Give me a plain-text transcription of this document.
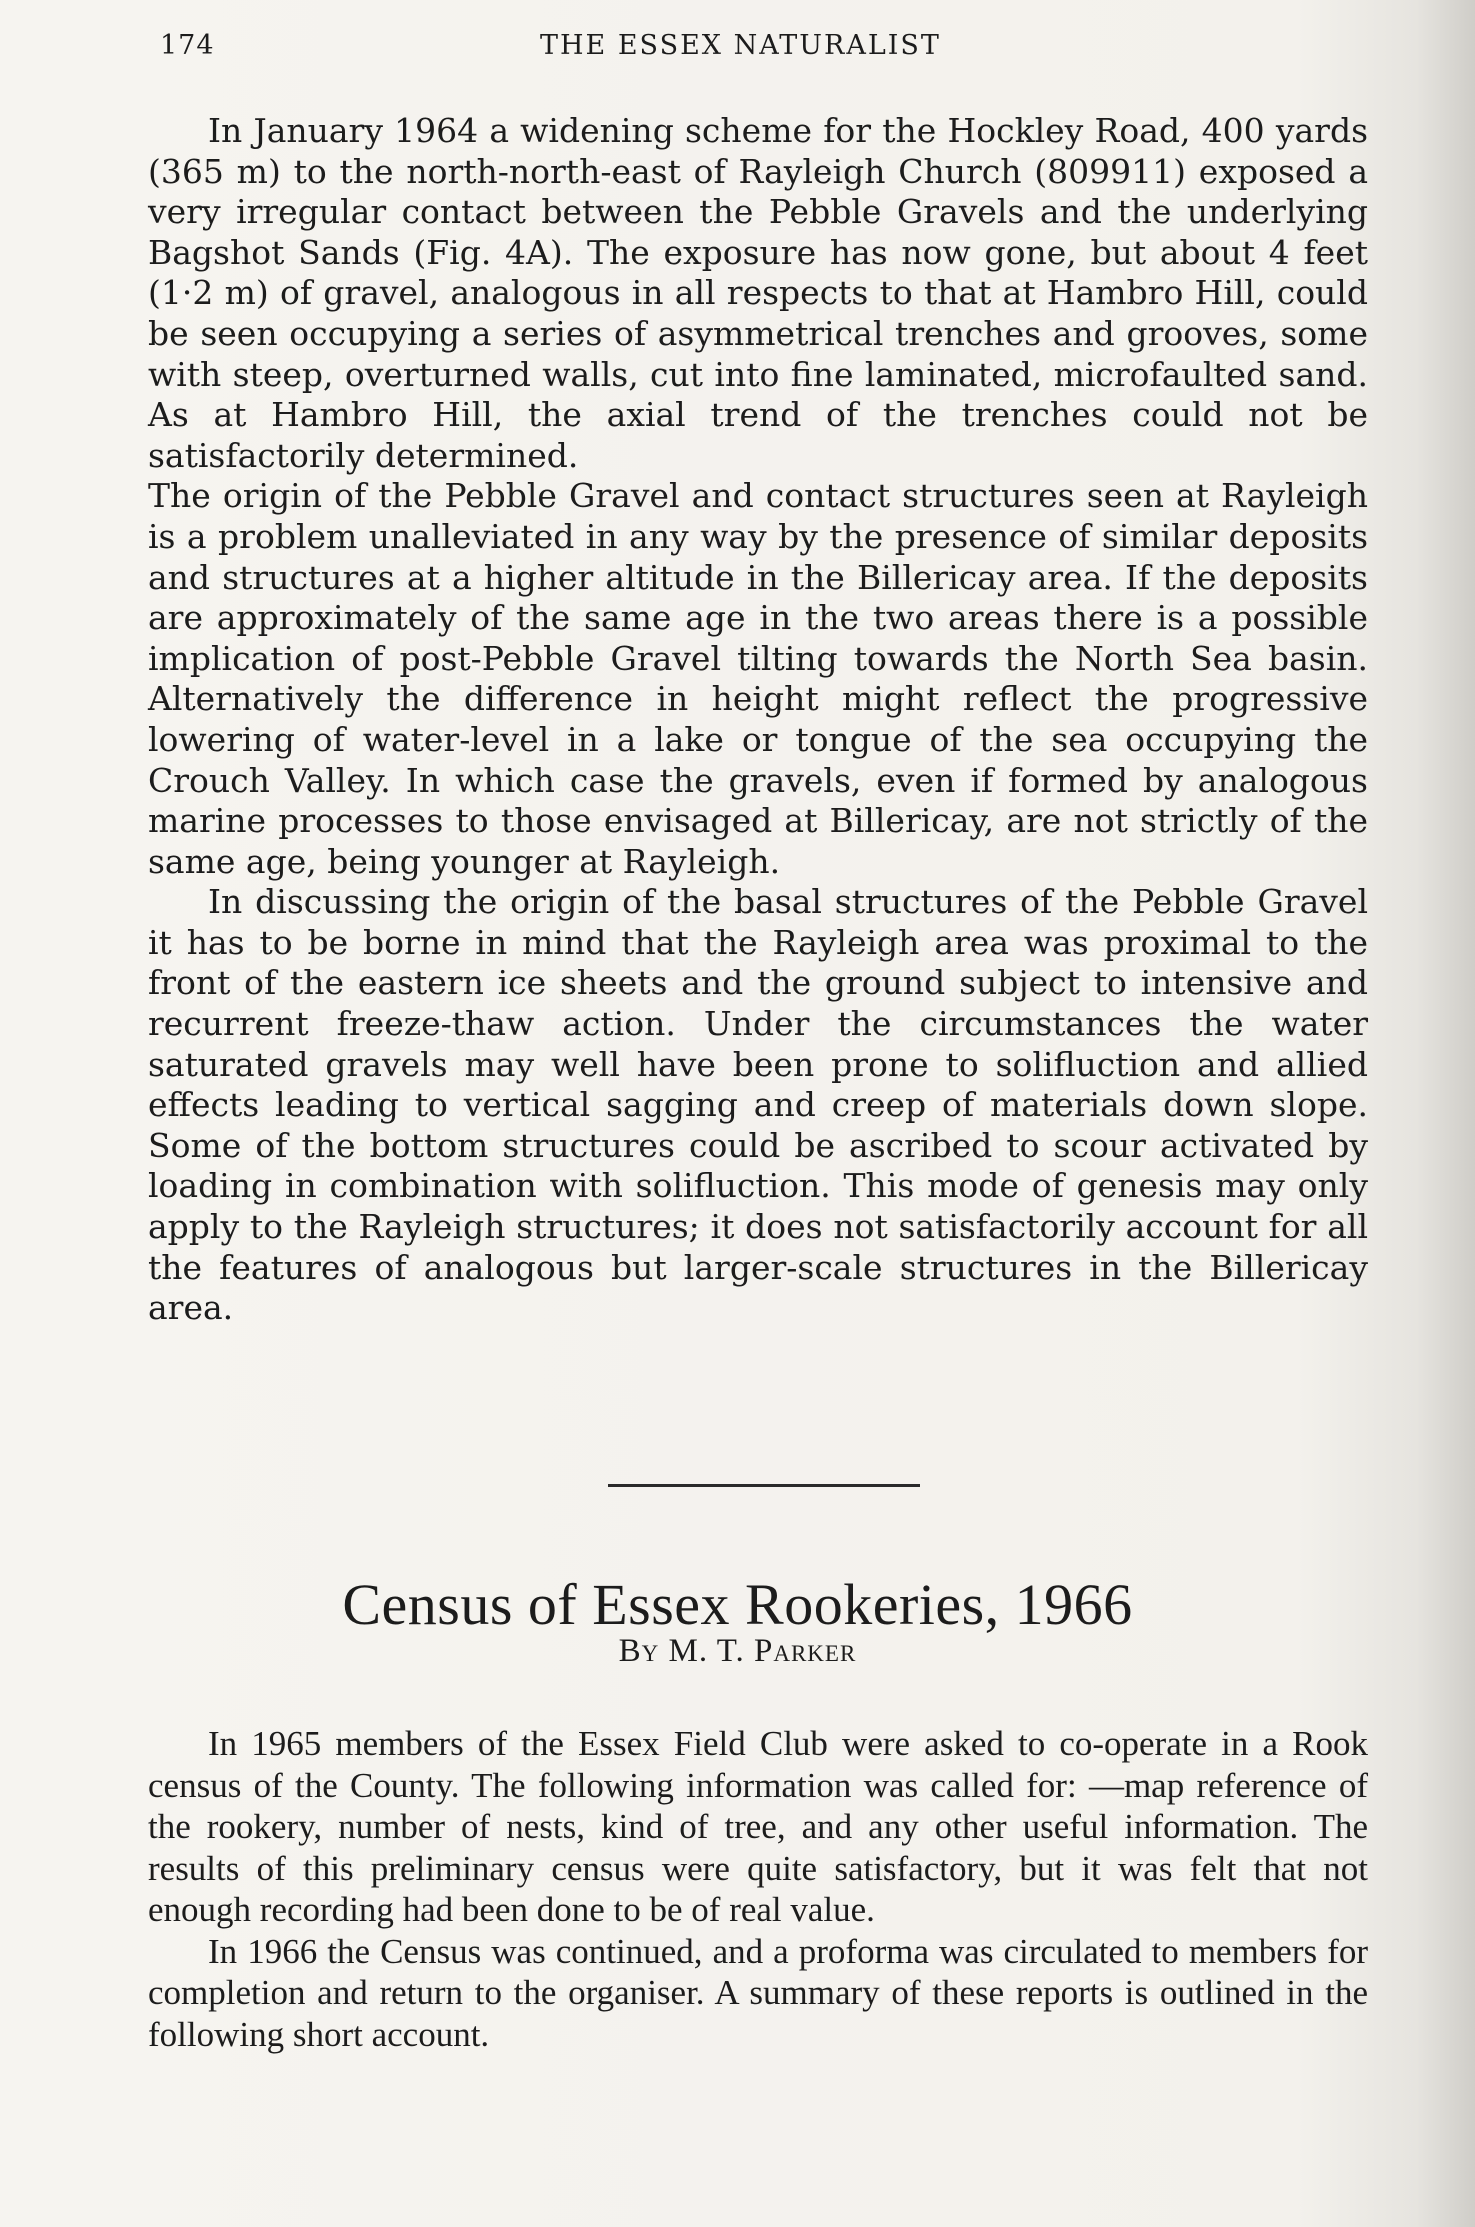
174	THE ESSEX NATURALIST

In January 1964 a widening scheme for the Hockley Road, 400 yards (365 m) to the north-north-east of Rayleigh Church (809911) exposed a very irregular contact between the Pebble Gravels and the underlying Bagshot Sands (Fig. 4A). The exposure has now gone, but about 4 feet (1·2 m) of gravel, analogous in all respects to that at Hambro Hill, could be seen occupying a series of asymmetrical trenches and grooves, some with steep, overturned walls, cut into fine laminated, microfaulted sand. As at Hambro Hill, the axial trend of the trenches could not be satisfactorily determined.

The origin of the Pebble Gravel and contact structures seen at Rayleigh is a problem unalleviated in any way by the presence of similar deposits and structures at a higher altitude in the Billericay area. If the deposits are approximately of the same age in the two areas there is a possible implication of post-Pebble Gravel tilting towards the North Sea basin. Alternatively the difference in height might reflect the progressive lowering of water-level in a lake or tongue of the sea occupying the Crouch Valley. In which case the gravels, even if formed by analogous marine processes to those envisaged at Billericay, are not strictly of the same age, being younger at Rayleigh.

In discussing the origin of the basal structures of the Pebble Gravel it has to be borne in mind that the Rayleigh area was proximal to the front of the eastern ice sheets and the ground subject to intensive and recurrent freeze-thaw action. Under the circumstances the water saturated gravels may well have been prone to solifluction and allied effects leading to vertical sagging and creep of materials down slope. Some of the bottom structures could be ascribed to scour activated by loading in combination with solifluction. This mode of genesis may only apply to the Rayleigh structures; it does not satisfactorily account for all the features of analogous but larger-scale structures in the Billericay area.

Census of Essex Rookeries, 1966
By M. T. Parker

In 1965 members of the Essex Field Club were asked to co-operate in a Rook census of the County. The following information was called for: —map reference of the rookery, number of nests, kind of tree, and any other useful information. The results of this preliminary census were quite satisfactory, but it was felt that not enough recording had been done to be of real value.

In 1966 the Census was continued, and a proforma was circulated to members for completion and return to the organiser. A summary of these reports is outlined in the following short account.
